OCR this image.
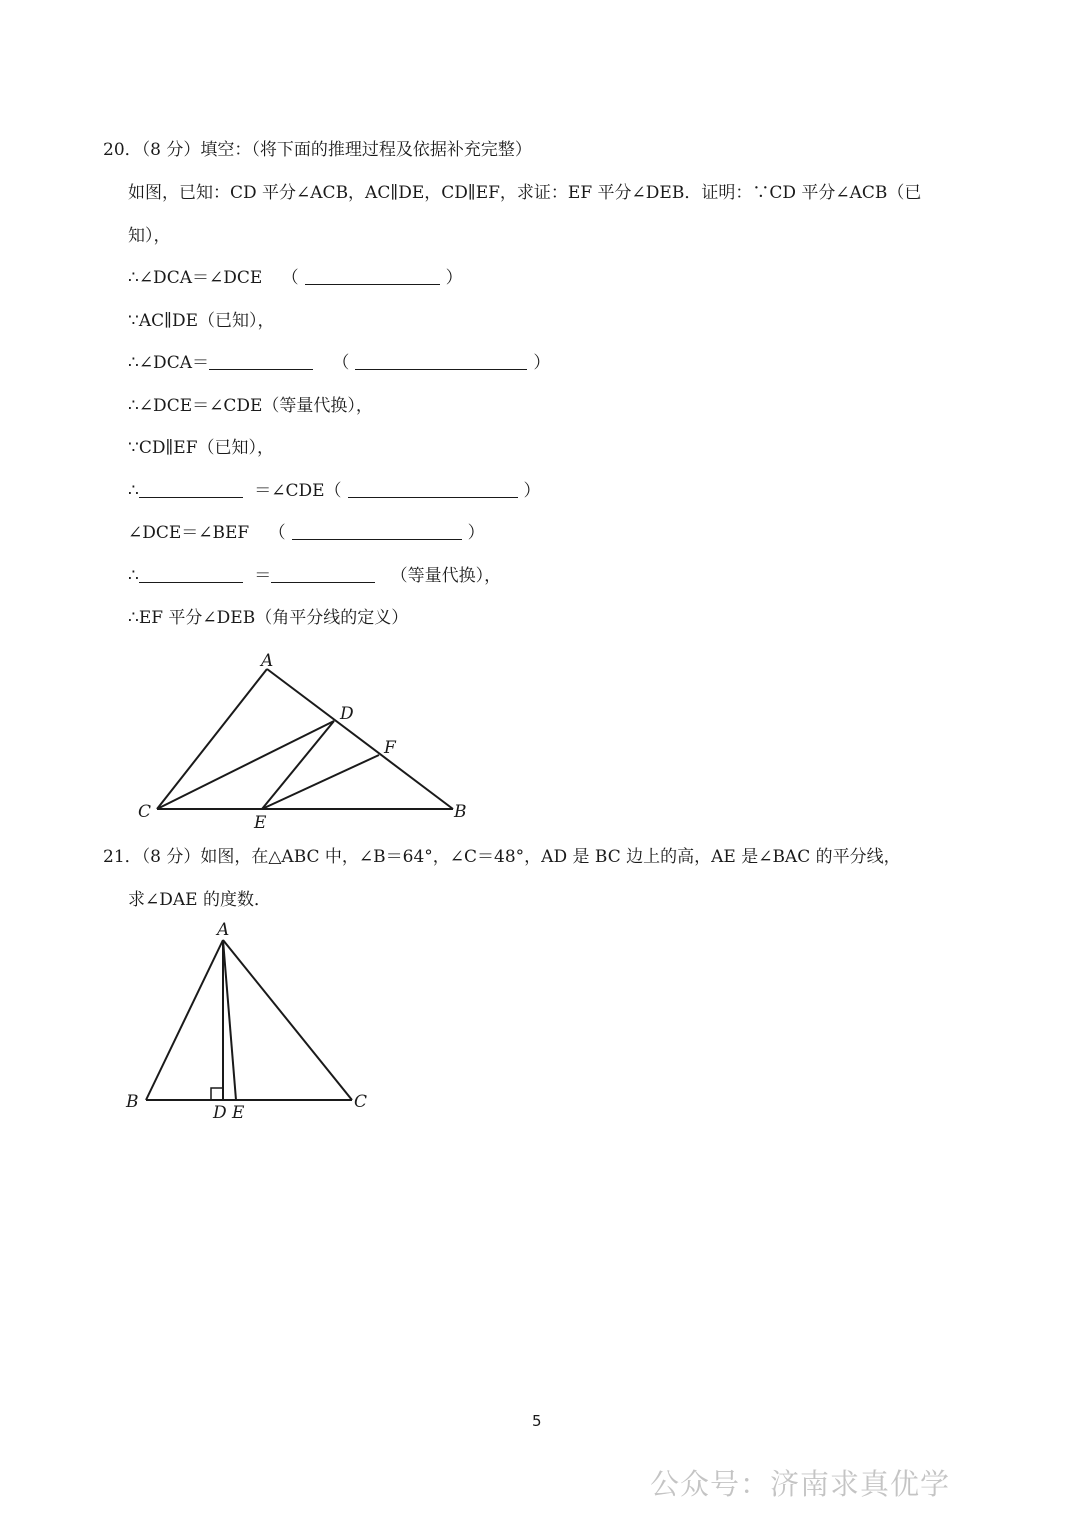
20．（8 分）填空：（将下面的推理过程及依据补充完整）
如图，已知：CD 平分∠ACB，AC∥DE，CD∥EF，求证：EF 平分∠DEB．证明：∵CD 平分∠ACB（已
知），
∴∠DCA＝∠DCE （	）
∵AC∥DE（已知），
∴∠DCA＝	（	）
∴∠DCE＝∠CDE（等量代换），
∵CD∥EF（已知），
∴	＝∠CDE（	）
∠DCE＝∠BEF （	）
∴	＝	（等量代换），
∴EF 平分∠DEB（角平分线的定义）
A
D
F
C
E
B
21．（8 分）如图，在△ABC 中，∠B＝64°，∠C＝48°，AD 是 BC 边上的高，AE 是∠BAC 的平分线，
求∠DAE 的度数．
A
B	C
D E
5
公众号：济南求真优学
